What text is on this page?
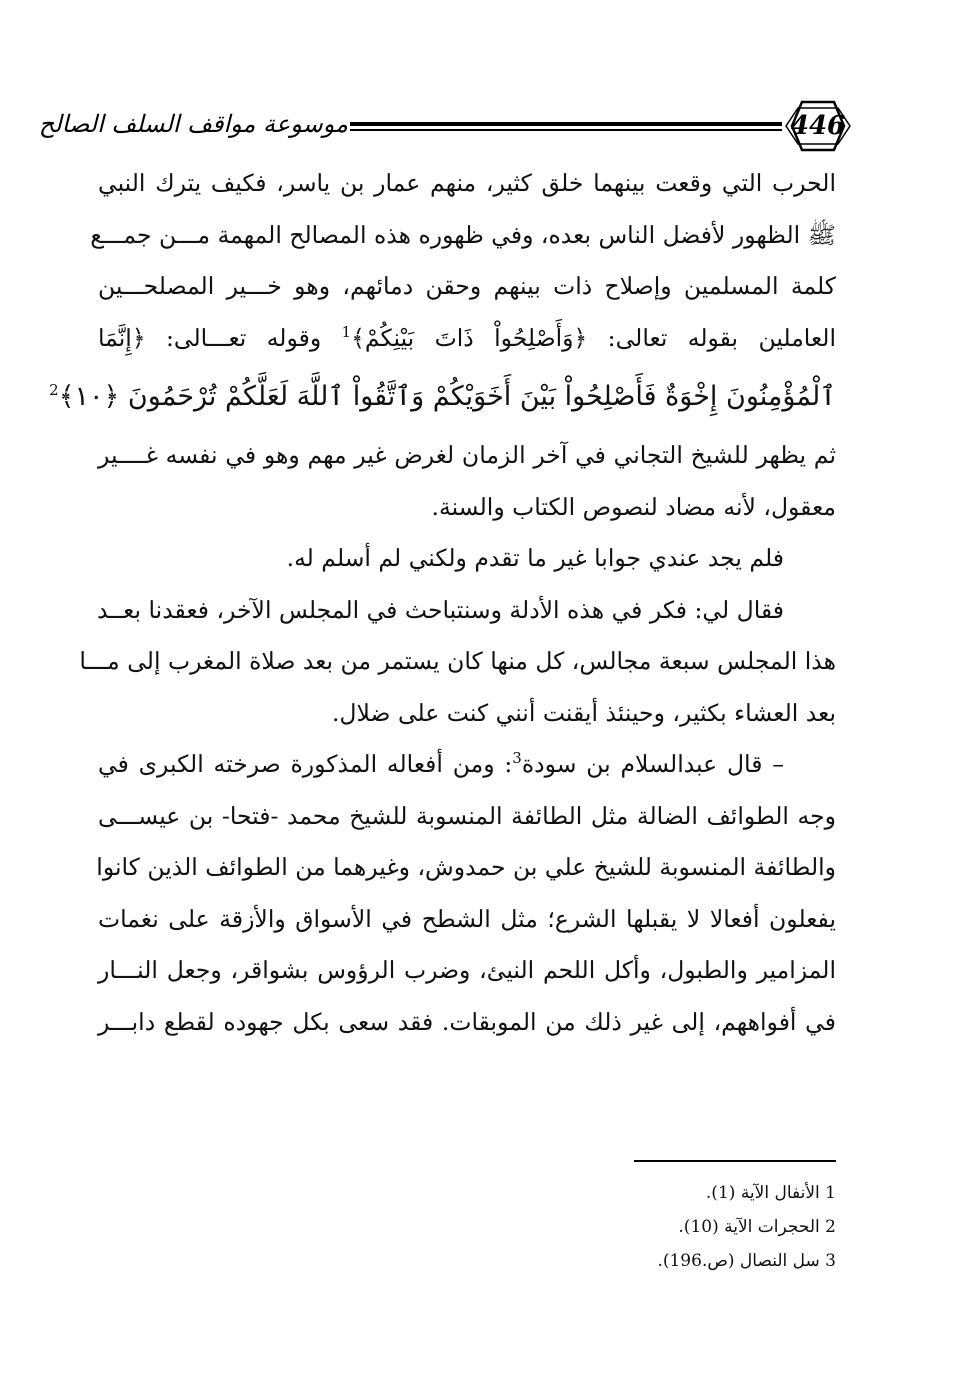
موسوعة مواقف السلف الصالح	446
الحرب التي وقعت بينهما خلق كثير، منهم عمار بن ياسر، فكيف يترك النبي
ﷺ الظهور لأفضل الناس بعده، وفي ظهوره هذه المصالح المهمة مـــن جمـــع
كلمة المسلمين وإصلاح ذات بينهم وحقن دمائهم، وهو خـــير المصلحـــين
العاملين بقوله تعالى: ﴿وَأَصْلِحُواْ ذَاتَ بَيْنِكُمْ﴾$^1$ وقوله تعـــالى: ﴿إِنَّمَا
ٱلْمُؤْمِنُونَ إِخْوَةٌ فَأَصْلِحُواْ بَيْنَ أَخَوَيْكُمْ وَٱتَّقُواْ ٱللَّهَ لَعَلَّكُمْ تُرْحَمُونَ ﴿١٠﴾$^2$
ثم يظهر للشيخ التجاني في آخر الزمان لغرض غير مهم وهو في نفسه غــــير
معقول، لأنه مضاد لنصوص الكتاب والسنة.
فلم يجد عندي جوابا غير ما تقدم ولكني لم أسلم له.
فقال لي: فكر في هذه الأدلة وسنتباحث في المجلس الآخر، فعقدنا بعــد
هذا المجلس سبعة مجالس، كل منها كان يستمر من بعد صلاة المغرب إلى مـــا
بعد العشاء بكثير، وحينئذ أيقنت أنني كنت على ضلال.
– قال عبدالسلام بن سودة$^3$: ومن أفعاله المذكورة صرخته الكبرى في
وجه الطوائف الضالة مثل الطائفة المنسوبة للشيخ محمد -فتحا- بن عيســـى
والطائفة المنسوبة للشيخ علي بن حمدوش، وغيرهما من الطوائف الذين كانوا
يفعلون أفعالا لا يقبلها الشرع؛ مثل الشطح في الأسواق والأزقة على نغمات
المزامير والطبول، وأكل اللحم النيئ، وضرب الرؤوس بشواقر، وجعل النـــار
في أفواههم، إلى غير ذلك من الموبقات. فقد سعى بكل جهوده لقطع دابـــر
1 الأنفال الآية (1).
2 الحجرات الآية (10).
3 سل النصال (ص.196).
